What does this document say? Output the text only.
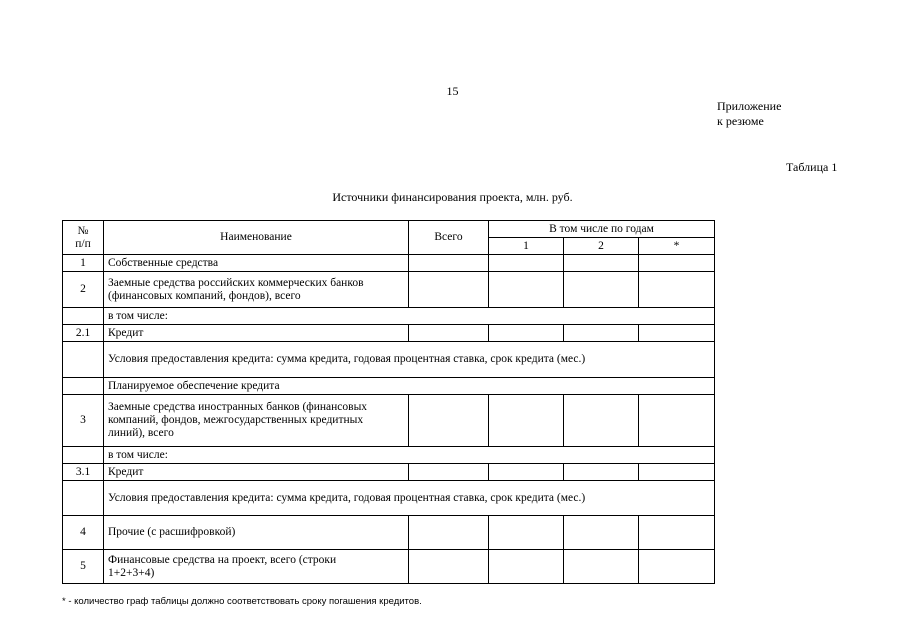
15
Приложение
к резюме
Таблица 1
Источники финансирования проекта, млн. руб.
№
п/п	Наименование	Всего	В том числе по годам		
			1	2	*
1	Собственные средства				
2	Заемные средства российских коммерческих банков
(финансовых компаний, фондов), всего				

	в том числе:				
2.1	Кредит				
	Условия предоставления кредита: сумма кредита, годовая процентная ставка, срок кредита (мес.)				
	Планируемое обеспечение кредита				
3	Заемные средства иностранных банков (финансовых
компаний, фондов, межгосударственных кредитных
линий), всего				

	в том числе:				
3.1	Кредит				
	Условия предоставления кредита: сумма кредита, годовая процентная ставка, срок кредита (мес.)				
4	Прочие (с расшифровкой)				
5	Финансовые средства на проект, всего (строки
1+2+3+4)				

* - количество граф таблицы должно соответствовать сроку погашения кредитов.
